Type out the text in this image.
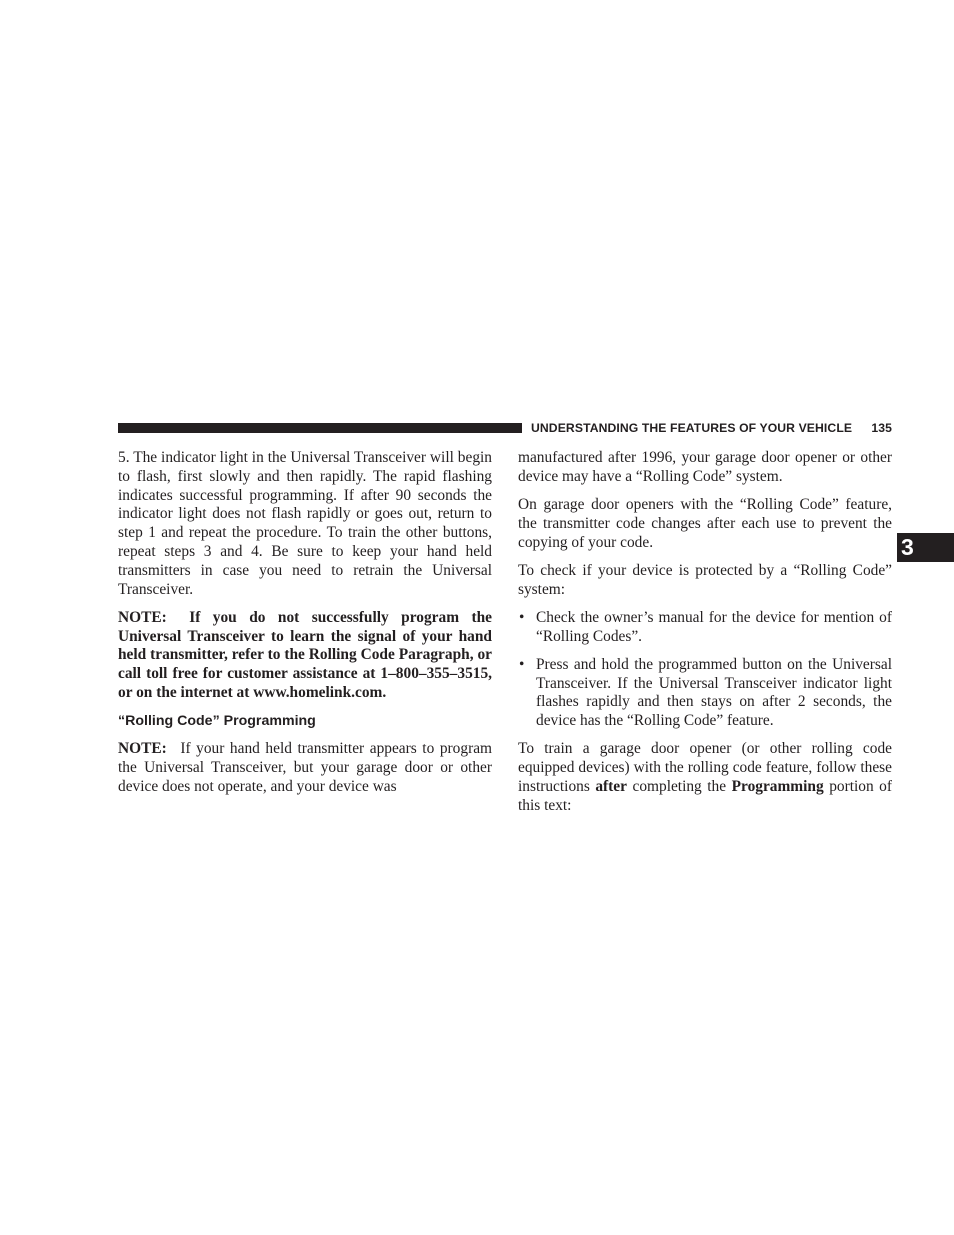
UNDERSTANDING THE FEATURES OF YOUR VEHICLE 135
3

5. The indicator light in the Universal Transceiver will begin to flash, first slowly and then rapidly. The rapid flashing indicates successful programming. If after 90 seconds the indicator light does not flash rapidly or goes out, return to step 1 and repeat the procedure. To train the other buttons, repeat steps 3 and 4. Be sure to keep your hand held transmitters in case you need to retrain the Universal Transceiver.

NOTE: If you do not successfully program the Universal Transceiver to learn the signal of your hand held transmitter, refer to the Rolling Code Paragraph, or call toll free for customer assistance at 1–800–355–3515, or on the internet at www.homelink.com.

“Rolling Code” Programming

NOTE: If your hand held transmitter appears to program the Universal Transceiver, but your garage door or other device does not operate, and your device was

manufactured after 1996, your garage door opener or other device may have a “Rolling Code” system.

On garage door openers with the “Rolling Code” feature, the transmitter code changes after each use to prevent the copying of your code.

To check if your device is protected by a “Rolling Code” system:

• Check the owner’s manual for the device for mention of “Rolling Codes”.
• Press and hold the programmed button on the Universal Transceiver. If the Universal Transceiver indicator light flashes rapidly and then stays on after 2 seconds, the device has the “Rolling Code” feature.

To train a garage door opener (or other rolling code equipped devices) with the rolling code feature, follow these instructions after completing the Programming portion of this text:
